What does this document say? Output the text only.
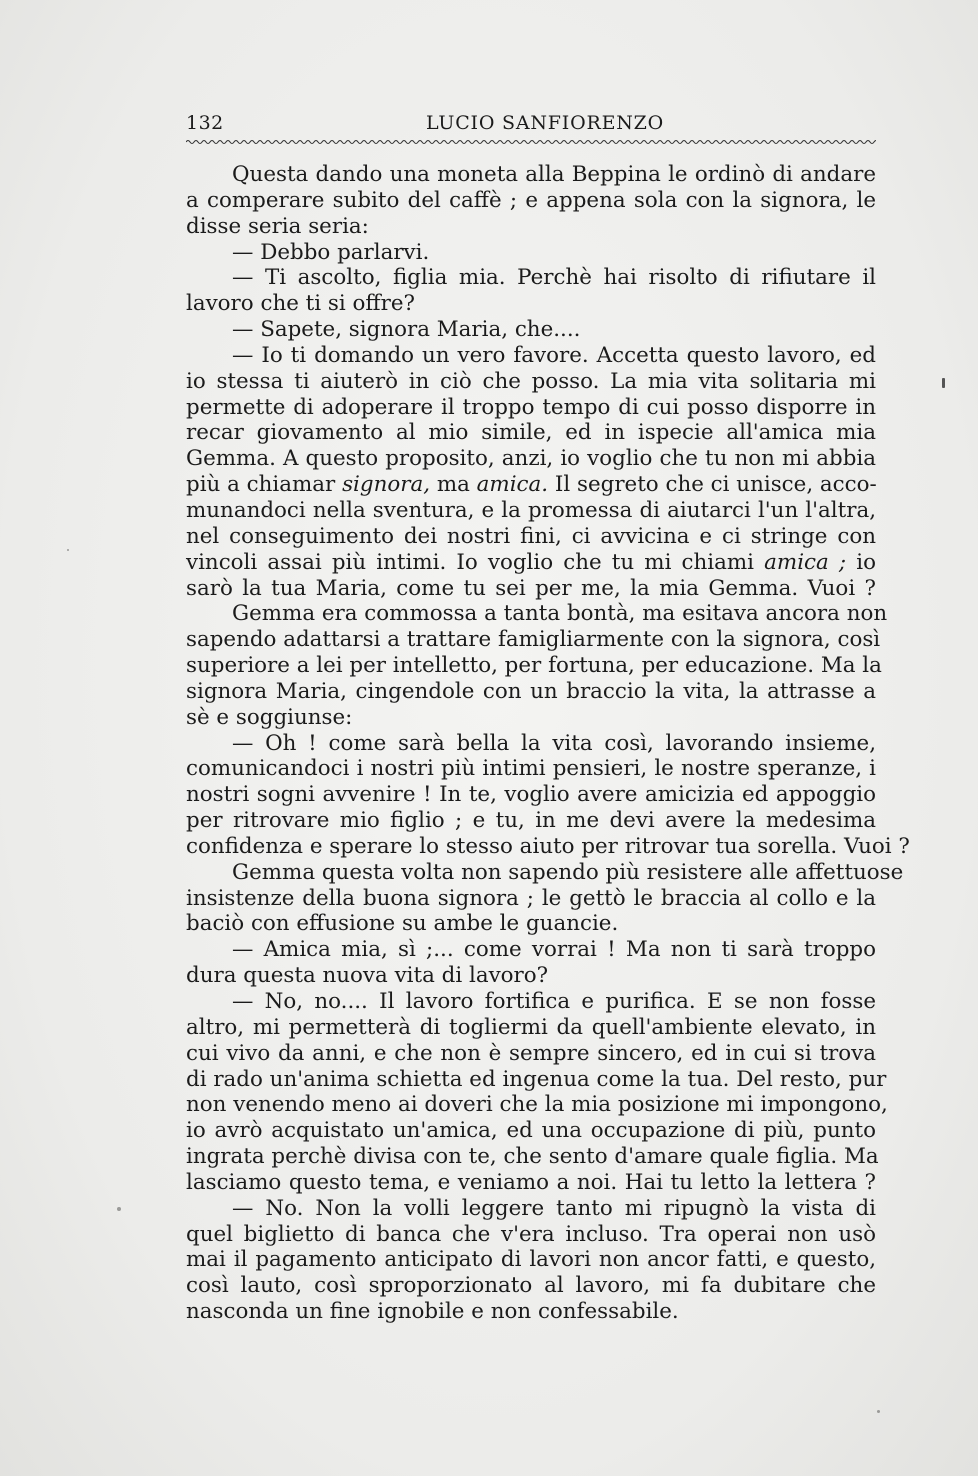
132	LUCIO SANFIORENZO
Questa dando una moneta alla Beppina le ordinò di andare
a comperare subito del caffè ; e appena sola con la signora, le
disse seria seria:
— Debbo parlarvi.
— Ti ascolto, figlia mia. Perchè hai risolto di rifiutare il
lavoro che ti si offre?
— Sapete, signora Maria, che....
— Io ti domando un vero favore. Accetta questo lavoro, ed
io stessa ti aiuterò in ciò che posso. La mia vita solitaria mi
permette di adoperare il troppo tempo di cui posso disporre in
recar giovamento al mio simile, ed in ispecie all'amica mia
Gemma. A questo proposito, anzi, io voglio che tu non mi abbia
più a chiamar signora, ma amica. Il segreto che ci unisce, acco-
munandoci nella sventura, e la promessa di aiutarci l'un l'altra,
nel conseguimento dei nostri fini, ci avvicina e ci stringe con
vincoli assai più intimi. Io voglio che tu mi chiami amica ; io
sarò la tua Maria, come tu sei per me, la mia Gemma. Vuoi ?
Gemma era commossa a tanta bontà, ma esitava ancora non
sapendo adattarsi a trattare famigliarmente con la signora, così
superiore a lei per intelletto, per fortuna, per educazione. Ma la
signora Maria, cingendole con un braccio la vita, la attrasse a
sè e soggiunse:
— Oh ! come sarà bella la vita così, lavorando insieme,
comunicandoci i nostri più intimi pensieri, le nostre speranze, i
nostri sogni avvenire ! In te, voglio avere amicizia ed appoggio
per ritrovare mio figlio ; e tu, in me devi avere la medesima
confidenza e sperare lo stesso aiuto per ritrovar tua sorella. Vuoi ?
Gemma questa volta non sapendo più resistere alle affettuose
insistenze della buona signora ; le gettò le braccia al collo e la
baciò con effusione su ambe le guancie.
— Amica mia, sì ;... come vorrai ! Ma non ti sarà troppo
dura questa nuova vita di lavoro?
— No, no.... Il lavoro fortifica e purifica. E se non fosse
altro, mi permetterà di togliermi da quell'ambiente elevato, in
cui vivo da anni, e che non è sempre sincero, ed in cui si trova
di rado un'anima schietta ed ingenua come la tua. Del resto, pur
non venendo meno ai doveri che la mia posizione mi impongono,
io avrò acquistato un'amica, ed una occupazione di più, punto
ingrata perchè divisa con te, che sento d'amare quale figlia. Ma
lasciamo questo tema, e veniamo a noi. Hai tu letto la lettera ?
— No. Non la volli leggere tanto mi ripugnò la vista di
quel biglietto di banca che v'era incluso. Tra operai non usò
mai il pagamento anticipato di lavori non ancor fatti, e questo,
così lauto, così sproporzionato al lavoro, mi fa dubitare che
nasconda un fine ignobile e non confessabile.
